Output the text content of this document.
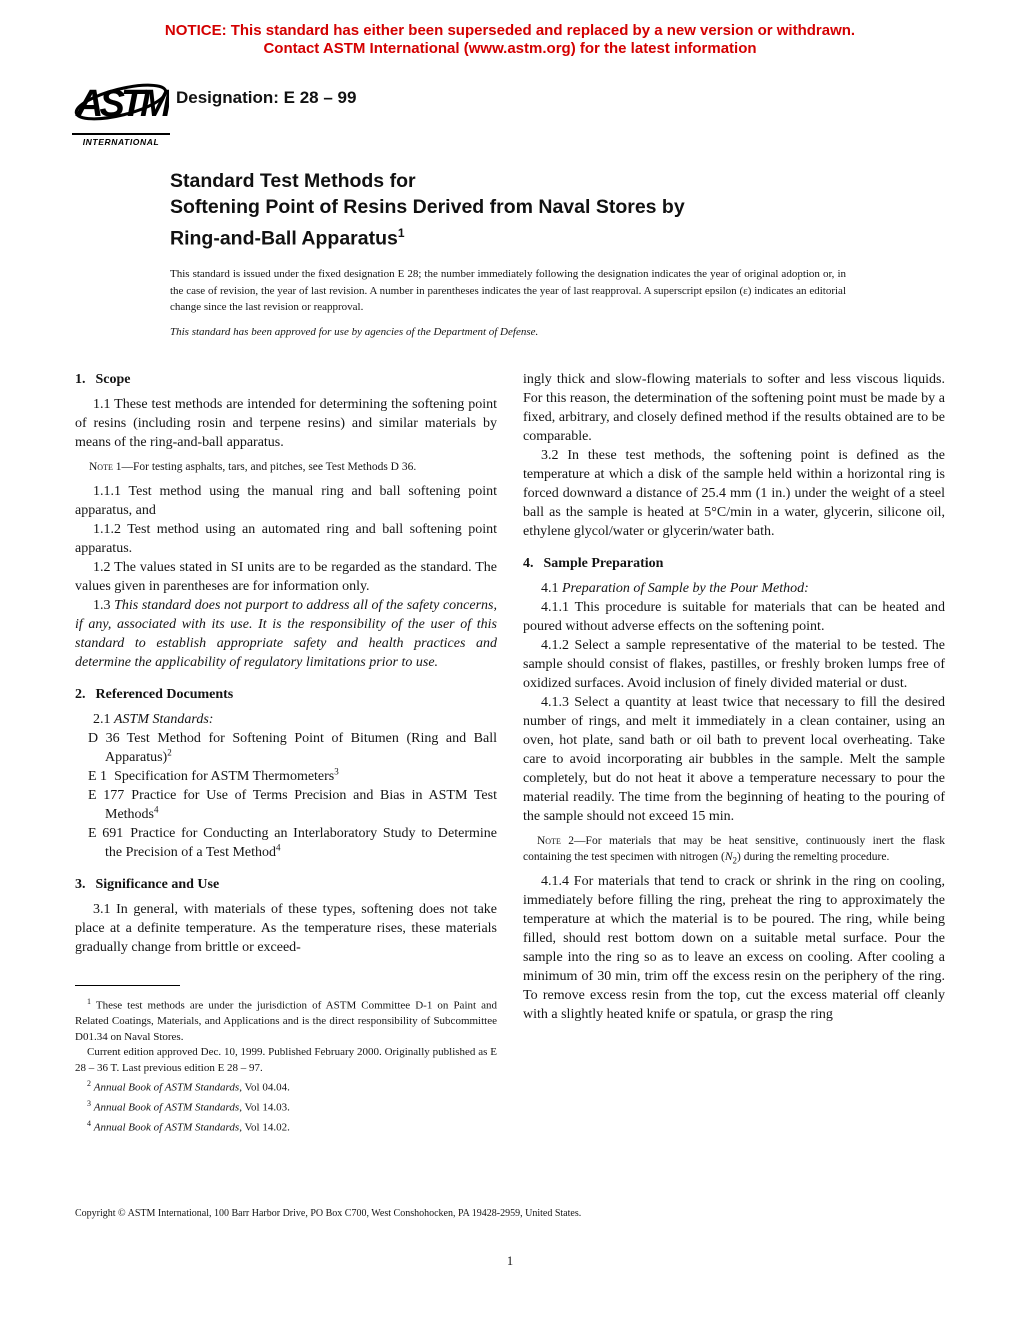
NOTICE: This standard has either been superseded and replaced by a new version or withdrawn.
Contact ASTM International (www.astm.org) for the latest information
ASTM
INTERNATIONAL
Designation: E 28 – 99
Standard Test Methods for
Softening Point of Resins Derived from Naval Stores by
Ring-and-Ball Apparatus$^1$

This standard is issued under the fixed designation E 28; the number immediately following the designation indicates the year of original adoption or, in the case of revision, the year of last revision. A number in parentheses indicates the year of last reapproval. A superscript epsilon (ε) indicates an editorial change since the last revision or reapproval.

This standard has been approved for use by agencies of the Department of Defense.

1. Scope

1.1 These test methods are intended for determining the softening point of resins (including rosin and terpene resins) and similar materials by means of the ring-and-ball apparatus.

Note 1—For testing asphalts, tars, and pitches, see Test Methods D 36.

1.1.1 Test method using the manual ring and ball softening point apparatus, and

1.1.2 Test method using an automated ring and ball softening point apparatus.

1.2 The values stated in SI units are to be regarded as the standard. The values given in parentheses are for information only.

1.3 This standard does not purport to address all of the safety concerns, if any, associated with its use. It is the responsibility of the user of this standard to establish appropriate safety and health practices and determine the applicability of regulatory limitations prior to use.

2. Referenced Documents

2.1 ASTM Standards:

D 36 Test Method for Softening Point of Bitumen (Ring and Ball Apparatus)$^2$

E 1 Specification for ASTM Thermometers$^3$

E 177 Practice for Use of Terms Precision and Bias in ASTM Test Methods$^4$

E 691 Practice for Conducting an Interlaboratory Study to Determine the Precision of a Test Method$^4$

3. Significance and Use

3.1 In general, with materials of these types, softening does not take place at a definite temperature. As the temperature rises, these materials gradually change from brittle or exceed-

$^1$ These test methods are under the jurisdiction of ASTM Committee D-1 on Paint and Related Coatings, Materials, and Applications and is the direct responsibility of Subcommittee D01.34 on Naval Stores.

Current edition approved Dec. 10, 1999. Published February 2000. Originally published as E 28 – 36 T. Last previous edition E 28 – 97.

$^2$ Annual Book of ASTM Standards, Vol 04.04.

$^3$ Annual Book of ASTM Standards, Vol 14.03.

$^4$ Annual Book of ASTM Standards, Vol 14.02.

ingly thick and slow-flowing materials to softer and less viscous liquids. For this reason, the determination of the softening point must be made by a fixed, arbitrary, and closely defined method if the results obtained are to be comparable.

3.2 In these test methods, the softening point is defined as the temperature at which a disk of the sample held within a horizontal ring is forced downward a distance of 25.4 mm (1 in.) under the weight of a steel ball as the sample is heated at 5°C/min in a water, glycerin, silicone oil, ethylene glycol/water or glycerin/water bath.

4. Sample Preparation

4.1 Preparation of Sample by the Pour Method:

4.1.1 This procedure is suitable for materials that can be heated and poured without adverse effects on the softening point.

4.1.2 Select a sample representative of the material to be tested. The sample should consist of flakes, pastilles, or freshly broken lumps free of oxidized surfaces. Avoid inclusion of finely divided material or dust.

4.1.3 Select a quantity at least twice that necessary to fill the desired number of rings, and melt it immediately in a clean container, using an oven, hot plate, sand bath or oil bath to prevent local overheating. Take care to avoid incorporating air bubbles in the sample. Melt the sample completely, but do not heat it above a temperature necessary to pour the material readily. The time from the beginning of heating to the pouring of the sample should not exceed 15 min.

Note 2—For materials that may be heat sensitive, continuously inert the flask containing the test specimen with nitrogen $(N_2)$ during the remelting procedure.

4.1.4 For materials that tend to crack or shrink in the ring on cooling, immediately before filling the ring, preheat the ring to approximately the temperature at which the material is to be poured. The ring, while being filled, should rest bottom down on a suitable metal surface. Pour the sample into the ring so as to leave an excess on cooling. After cooling a minimum of 30 min, trim off the excess resin on the periphery of the ring. To remove excess resin from the top, cut the excess material off cleanly with a slightly heated knife or spatula, or grasp the ring

Copyright © ASTM International, 100 Barr Harbor Drive, PO Box C700, West Conshohocken, PA 19428-2959, United States.

1
